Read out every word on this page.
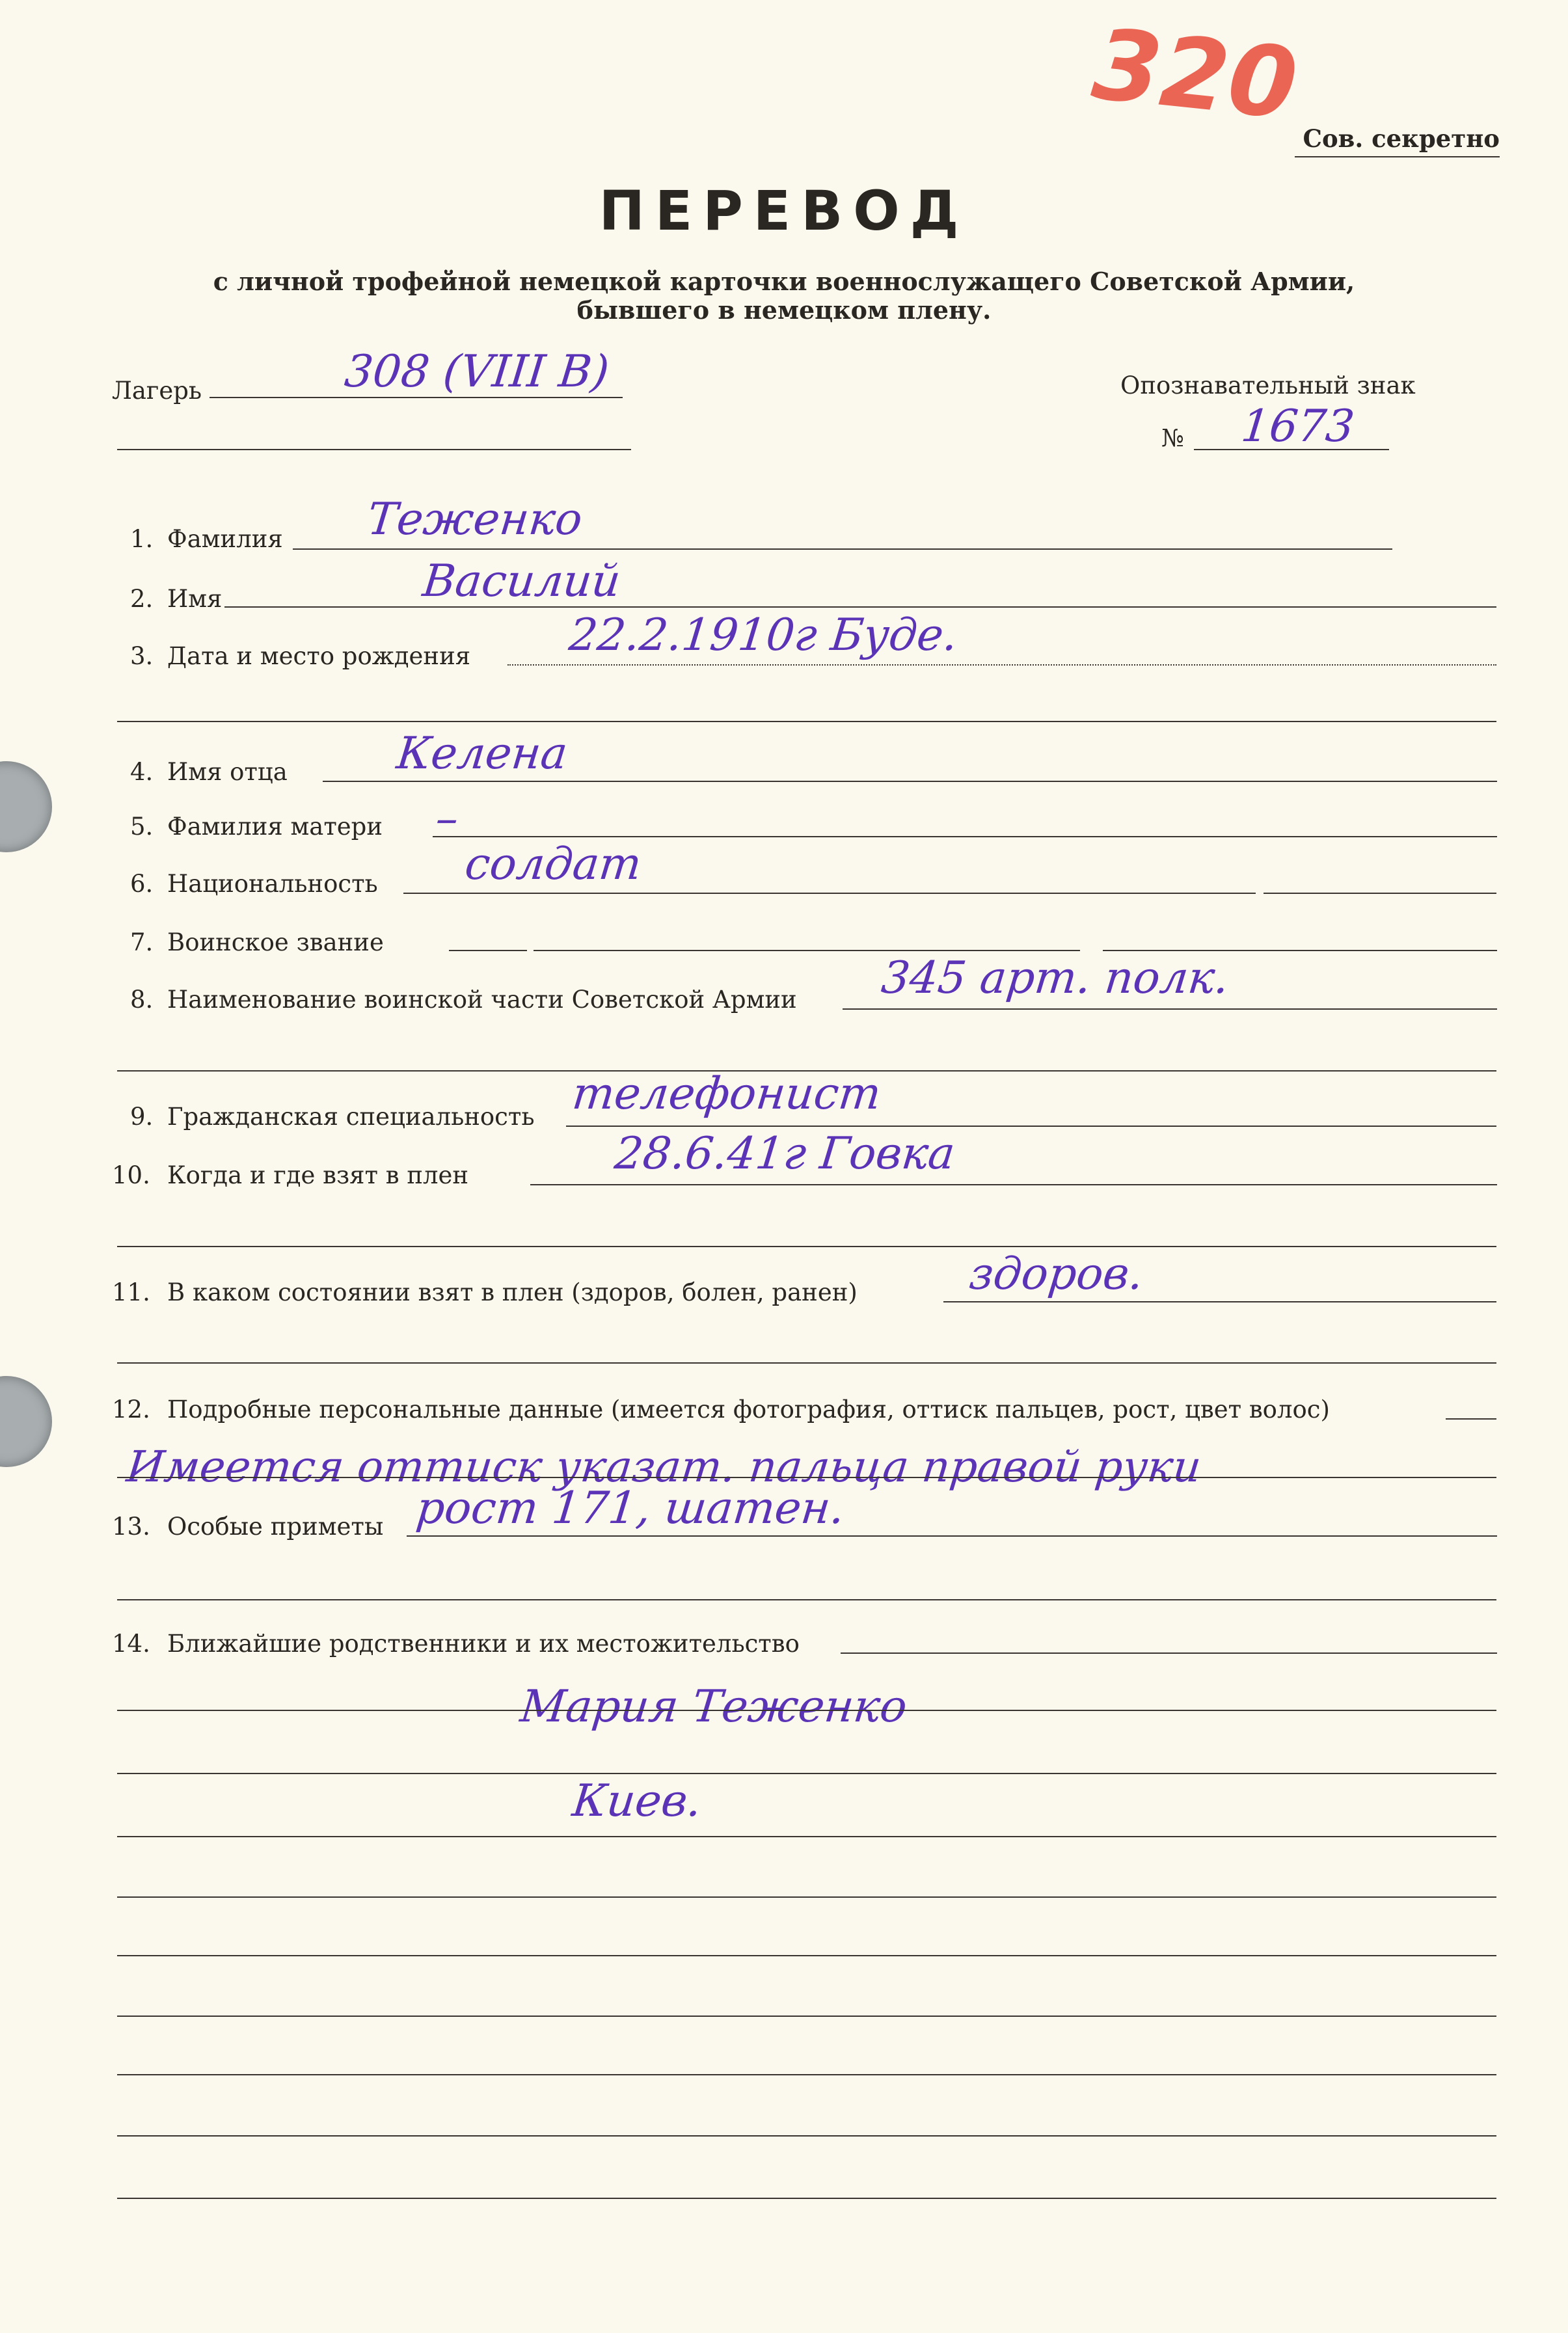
320 Сов. секретно
ПЕРЕВОД
с личной трофейной немецкой карточки военнослужащего Советской Армии,
бывшего в немецком плену.
Лагерь	308 (VIII B)	Опознавательный знак
№ 1673
1. Фамилия Теженко
2. Имя	Василий
3. Дата и место рождения 22.2.1910г Буде.
4. Имя отца Келена
5. Фамилия матери –
6. Национальность солдат
7. Воинское звание
8. Наименование воинской части Советской Армии 345 арт. полк.
9. Гражданская специальность телефонист
10. Когда и где взят в плен	28.6.41г Говка
11. В каком состоянии взят в плен (здоров, болен, ранен) здоров.
12. Подробные персональные данные (имеется фотография, оттиск пальцев, рост, цвет волос)
Имеется оттиск указат. пальца правой руки
13. Особые приметы рост 171, шатен.
14. Ближайшие родственники и их местожительство
Мария Теженко
Киев.
